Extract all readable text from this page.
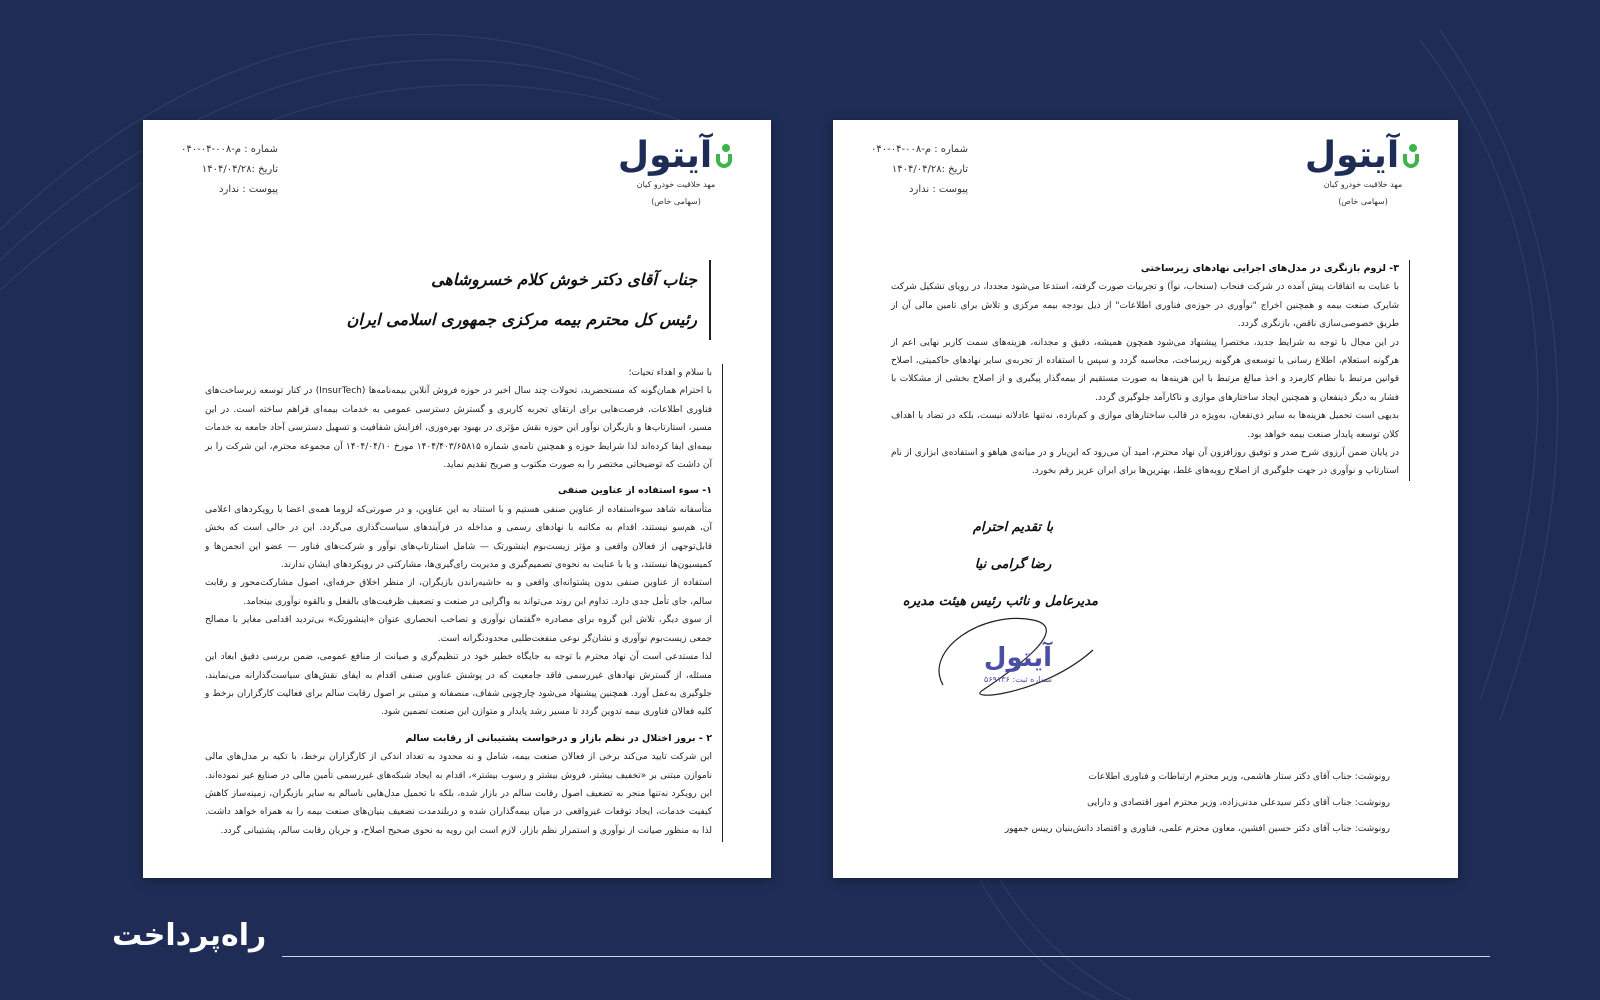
آیتول
مهد خلاقیت خودرو کیان
(سهامی خاص)
شماره : م-۰۰۸-۰۴-۰۴۰
تاریخ :۱۴۰۴/۰۴/۲۸
پیوست : ندارد
جناب آقای دکتر خوش کلام خسروشاهی
رئیس کل محترم بیمه مرکزی جمهوری اسلامی ایران

با سلام و اهداء تحیات؛

با احترام همان‌گونه که مستحضرید، تحولات چند سال اخیر در حوزه فروش آنلاین بیمه‌نامه‌ها (InsurTech) در کنار توسعه زیرساخت‌های فناوری اطلاعات، فرصت‌هایی برای ارتقای تجربه کاربری و گسترش دسترسی عمومی به خدمات بیمه‌ای فراهم ساخته است. در این مسیر، استارتاپ‌ها و بازیگران نوآور این حوزه نقش مؤثری در بهبود بهره‌وری، افزایش شفافیت و تسهیل دسترسی آحاد جامعه به خدمات بیمه‌ای ایفا کرده‌اند لذا شرایط حوزه و همچنین نامه‌ی شماره ۱۴۰۴/۴۰۳/۶۵۸۱۵ مورخ ۱۴۰۴/۰۴/۱۰ آن مجموعه محترم، این شرکت را بر آن داشت که توضیحاتی مختصر را به صورت مکتوب و صریح تقدیم نماید.

۱- سوء استفاده از عناوین صنفی

متأسفانه شاهد سوءاستفاده از عناوین صنفی هستیم و با استناد به این عناوین، و در صورتی‌که لزوما همه‌ی اعضا با رویکردهای اعلامی آن، هم‌سو نیستند، اقدام به مکاتبه با نهادهای رسمی و مداخله در فرآیندهای سیاست‌گذاری می‌گردد. این در حالی است که بخش قابل‌توجهی از فعالان واقعی و مؤثر زیست‌بوم اینشورتک — شامل استارتاپ‌های نوآور و شرکت‌های فناور — عضو این انجمن‌ها و کمیسیون‌ها نیستند، و یا با عنایت به نحوه‌ی تصمیم‌گیری و مدیریت رای‌گیری‌ها، مشارکتی در رویکردهای ایشان ندارند.

استفاده از عناوین صنفی بدون پشتوانه‌ای واقعی و به حاشیه‌راندن بازیگران، از منظر اخلاق حرفه‌ای، اصول مشارکت‌محور و رقابت سالم، جای تأمل جدی دارد. تداوم این روند می‌تواند به واگرایی در صنعت و تضعیف ظرفیت‌های بالفعل و بالقوه نوآوری بینجامد.

از سوی دیگر، تلاش این گروه برای مصادره «گفتمان نوآوری و تصاحب انحصاری عنوان «اینشورتک» بی‌تردید اقدامی مغایر با مصالح جمعی زیست‌بوم نوآوری و نشان‌گر نوعی منفعت‌طلبی محدودنگرانه است.

لذا مستدعی است آن نهاد محترم با توجه به جایگاه خطیر خود در تنظیم‌گری و صیانت از منافع عمومی، ضمن بررسی دقیق ابعاد این مسئله، از گسترش نهادهای غیررسمی فاقد جامعیت که در پوشش عناوین صنفی اقدام به ایفای نقش‌های سیاست‌گذارانه می‌نمایند، جلوگیری به‌عمل آورد. همچنین پیشنهاد می‌شود چارچوبی شفاف، منصفانه و مبتنی بر اصول رقابت سالم برای فعالیت کارگزاران برخط و کلیه فعالان فناوری بیمه تدوین گردد تا مسیر رشد پایدار و متوازن این صنعت تضمین شود.

۲ - بروز اختلال در نظم بازار و درخواست پشتیبانی از رقابت سالم

این شرکت تایید می‌کند برخی از فعالان صنعت بیمه، شامل و نه محدود به تعداد اندکی از کارگزاران برخط، با تکیه بر مدل‌های مالی ناموازن مبتنی بر «تخفیف بیشتر، فروش بیشتر و رسوب بیشتر»، اقدام به ایجاد شبکه‌های غیررسمی تأمین مالی در صنایع غیر نموده‌اند. این رویکرد نه‌تنها منجر به تضعیف اصول رقابت سالم در بازار شده، بلکه با تحمیل مدل‌هایی ناسالم به سایر بازیگران، زمینه‌ساز کاهش کیفیت خدمات، ایجاد توقعات غیرواقعی در میان بیمه‌گذاران شده و دربلندمدت تضعیف بنیان‌های صنعت بیمه را به همراه خواهد داشت. لذا به منظور صیانت از نوآوری و استمرار نظم بازار، لازم است این رویه به نحوی صحیح اصلاح، و جریان رقابت سالم، پشتیبانی گردد.

آیتول
مهد خلاقیت خودرو کیان
(سهامی خاص)
شماره : م-۰۰۸-۰۴-۰۴۰
تاریخ :۱۴۰۴/۰۴/۲۸
پیوست : ندارد
۳- لزوم بازنگری در مدل‌های اجرایی نهادهای زیرساختی

با عنایت به اتفاقات پیش آمده در شرکت فنحاب (سنحاب، نوآ) و تجربیات صورت گرفته، استدعا می‌شود مجددا، در رویای تشکیل شرکت شایرک صنعت بیمه و همچنین اخراج "نوآوری در حوزه‌ی فناوری اطلاعات" از ذیل بودجه بیمه مرکزی و تلاش برای تامین مالی آن از طریق خصوصی‌سازی ناقص، بازنگری گردد.

در این مجال با توجه به شرایط جدید، مختصرا پیشنهاد می‌شود همچون همیشه، دقیق و مجدانه، هزینه‌های سمت کاربر نهایی اعم از هرگونه استعلام، اطلاع رسانی یا توسعه‌ی هرگونه زیرساخت، محاسبه گردد و سپس با استفاده از تجربه‌ی سایر نهادهای حاکمیتی، اصلاح قوانین مرتبط با نظام کارمزد و اخذ مبالغ مرتبط با این هزینه‌ها به صورت مستقیم از بیمه‌گذار پیگیری و از اصلاح بخشی از مشکلات با فشار به دیگر ذینفعان و همچنین ایجاد ساختارهای موازی و ناکارآمد جلوگیری گردد.

بدیهی است تحمیل هزینه‌ها به سایر ذی‌نفعان، به‌ویژه در قالب ساختارهای موازی و کم‌بازده، نه‌تنها عادلانه نیست، بلکه در تضاد با اهداف کلان توسعه پایدار صنعت بیمه خواهد بود.

در پایان ضمن آرزوی شرح صدر و توفیق روزافزون آن نهاد محترم، امید آن می‌رود که این‌بار و در میانه‌ی هیاهو و استفاده‌ی ابزاری از نام استارتاپ و نوآوری در جهت جلوگیری از اصلاح رویه‌های غلط، بهترین‌ها برای ایران عزیز رقم بخورد.

با تقدیم احترام
رضا گرامی نیا
مدیرعامل و نائب رئیس هیئت مدیره
آیتول
شماره ثبت: ۵۶۹۱۳۶
رونوشت: جناب آقای دکتر ستار هاشمی، وزیر محترم ارتباطات و فناوری اطلاعات
رونوشت: جناب آقای دکتر سیدعلی مدنی‌زاده، وزیر محترم امور اقتصادی و دارایی
رونوشت: جناب آقای دکتر حسین افشین، معاون محترم علمی، فناوری و اقتصاد دانش‌بنیان رییس جمهور
راه‌پرداخت
